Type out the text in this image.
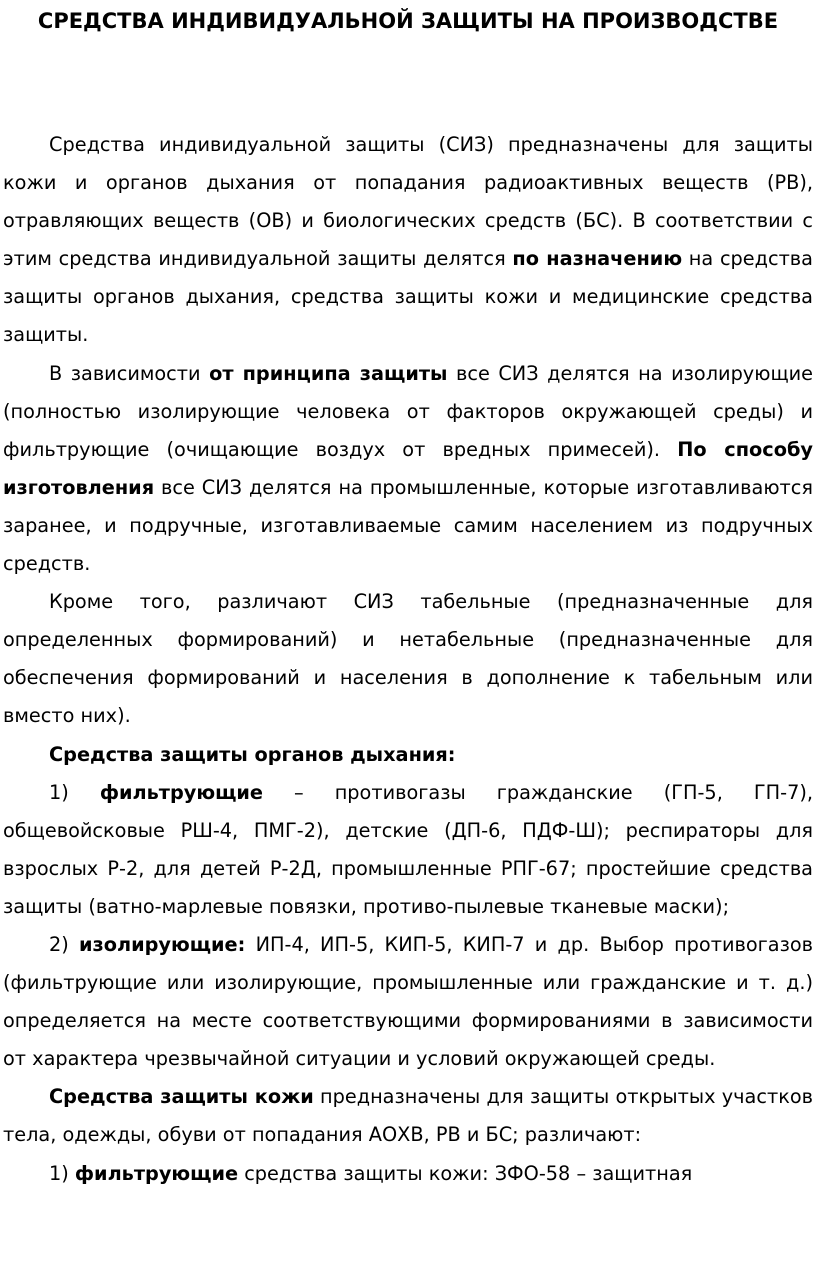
СРЕДСТВА ИНДИВИДУАЛЬНОЙ ЗАЩИТЫ НА ПРОИЗВОДСТВЕ

Средства индивидуальной защиты (СИЗ) предназначены для защиты кожи и органов дыхания от попадания радиоактивных веществ (РВ), отравляющих веществ (ОВ) и биологических средств (БС). В соответствии с этим средства индивидуальной защиты делятся по назначению на средства защиты органов дыхания, средства защиты кожи и медицинские средства защиты.

В зависимости от принципа защиты все СИЗ делятся на изолирующие (полностью изолирующие человека от факторов окружающей среды) и фильтрующие (очищающие воздух от вредных примесей). По способу изготовления все СИЗ делятся на промышленные, которые изготавливаются заранее, и подручные, изготавливаемые самим населением из подручных средств.

Кроме того, различают СИЗ табельные (предназначенные для определенных формирований) и нетабельные (предназначенные для обеспечения формирований и населения в дополнение к табельным или вместо них).

Средства защиты органов дыхания:

1) фильтрующие – противогазы гражданские (ГП-5, ГП-7), общевойсковые РШ-4, ПМГ-2), детские (ДП-6, ПДФ-Ш); респираторы для взрослых Р-2, для детей Р-2Д, промышленные РПГ-67; простейшие средства защиты (ватно-марлевые повязки, противо-пылевые тканевые маски);

2) изолирующие: ИП-4, ИП-5, КИП-5, КИП-7 и др. Выбор противогазов (фильтрующие или изолирующие, промышленные или гражданские и т. д.) определяется на месте соответствующими формированиями в зависимости от характера чрезвычайной ситуации и условий окружающей среды.

Средства защиты кожи предназначены для защиты открытых участков тела, одежды, обуви от попадания АОХВ, РВ и БС; различают:

1) фильтрующие средства защиты кожи: ЗФО-58 – защитная
